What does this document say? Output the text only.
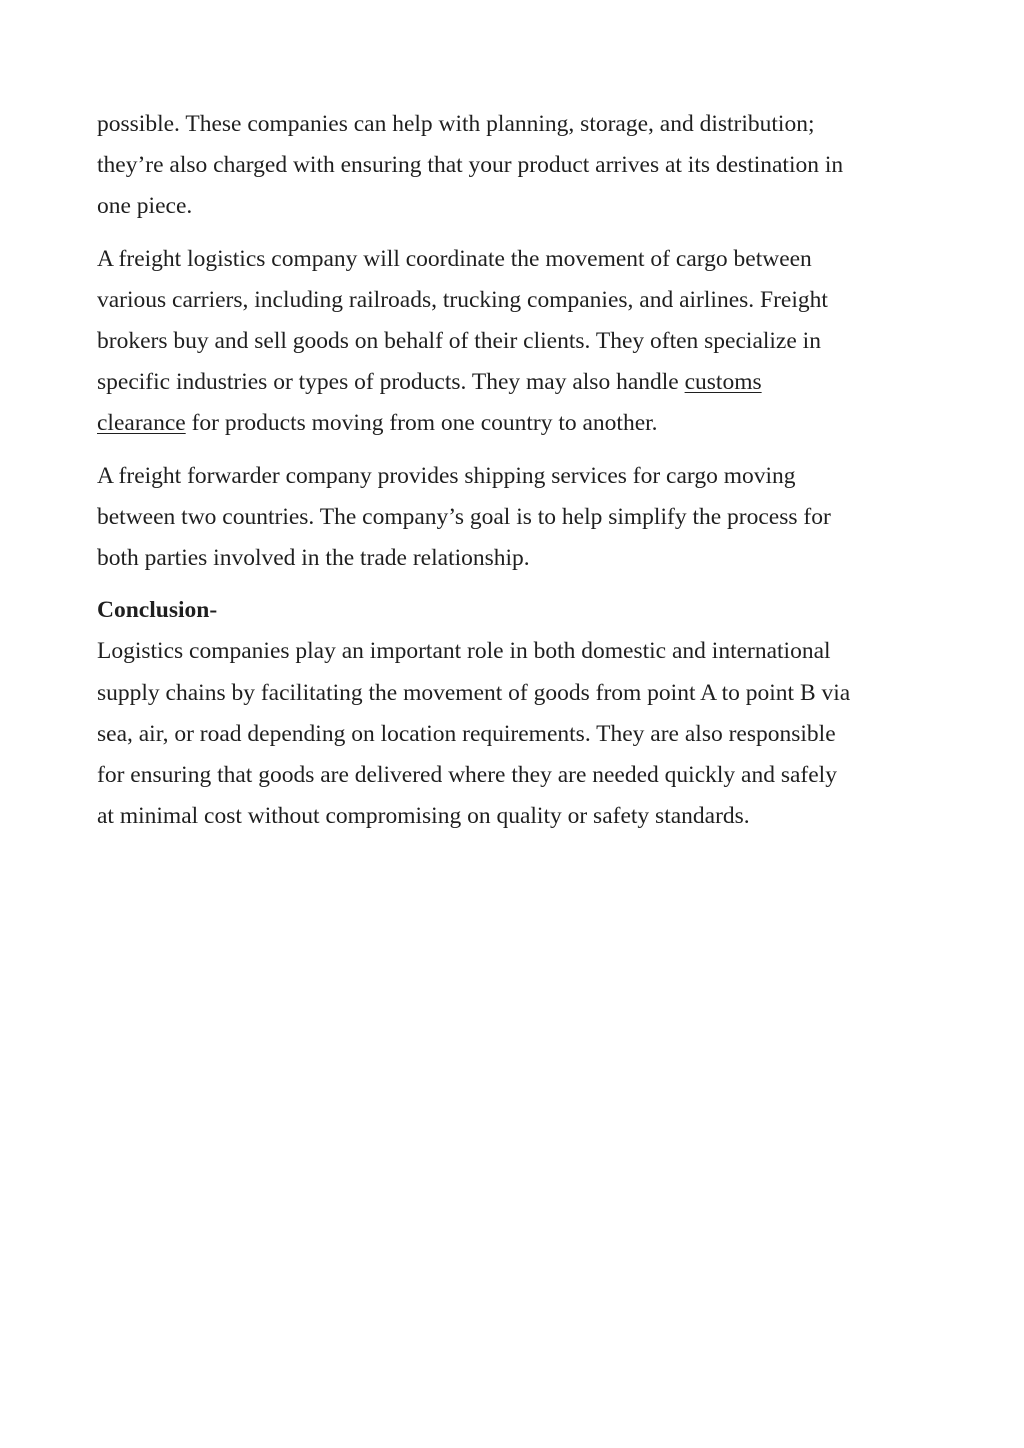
possible. These companies can help with planning, storage, and distribution;
they’re also charged with ensuring that your product arrives at its destination in
one piece.

A freight logistics company will coordinate the movement of cargo between
various carriers, including railroads, trucking companies, and airlines. Freight
brokers buy and sell goods on behalf of their clients. They often specialize in
specific industries or types of products. They may also handle customs
clearance for products moving from one country to another.

A freight forwarder company provides shipping services for cargo moving
between two countries. The company’s goal is to help simplify the process for
both parties involved in the trade relationship.

Conclusion-

Logistics companies play an important role in both domestic and international
supply chains by facilitating the movement of goods from point A to point B via
sea, air, or road depending on location requirements. They are also responsible
for ensuring that goods are delivered where they are needed quickly and safely
at minimal cost without compromising on quality or safety standards.
